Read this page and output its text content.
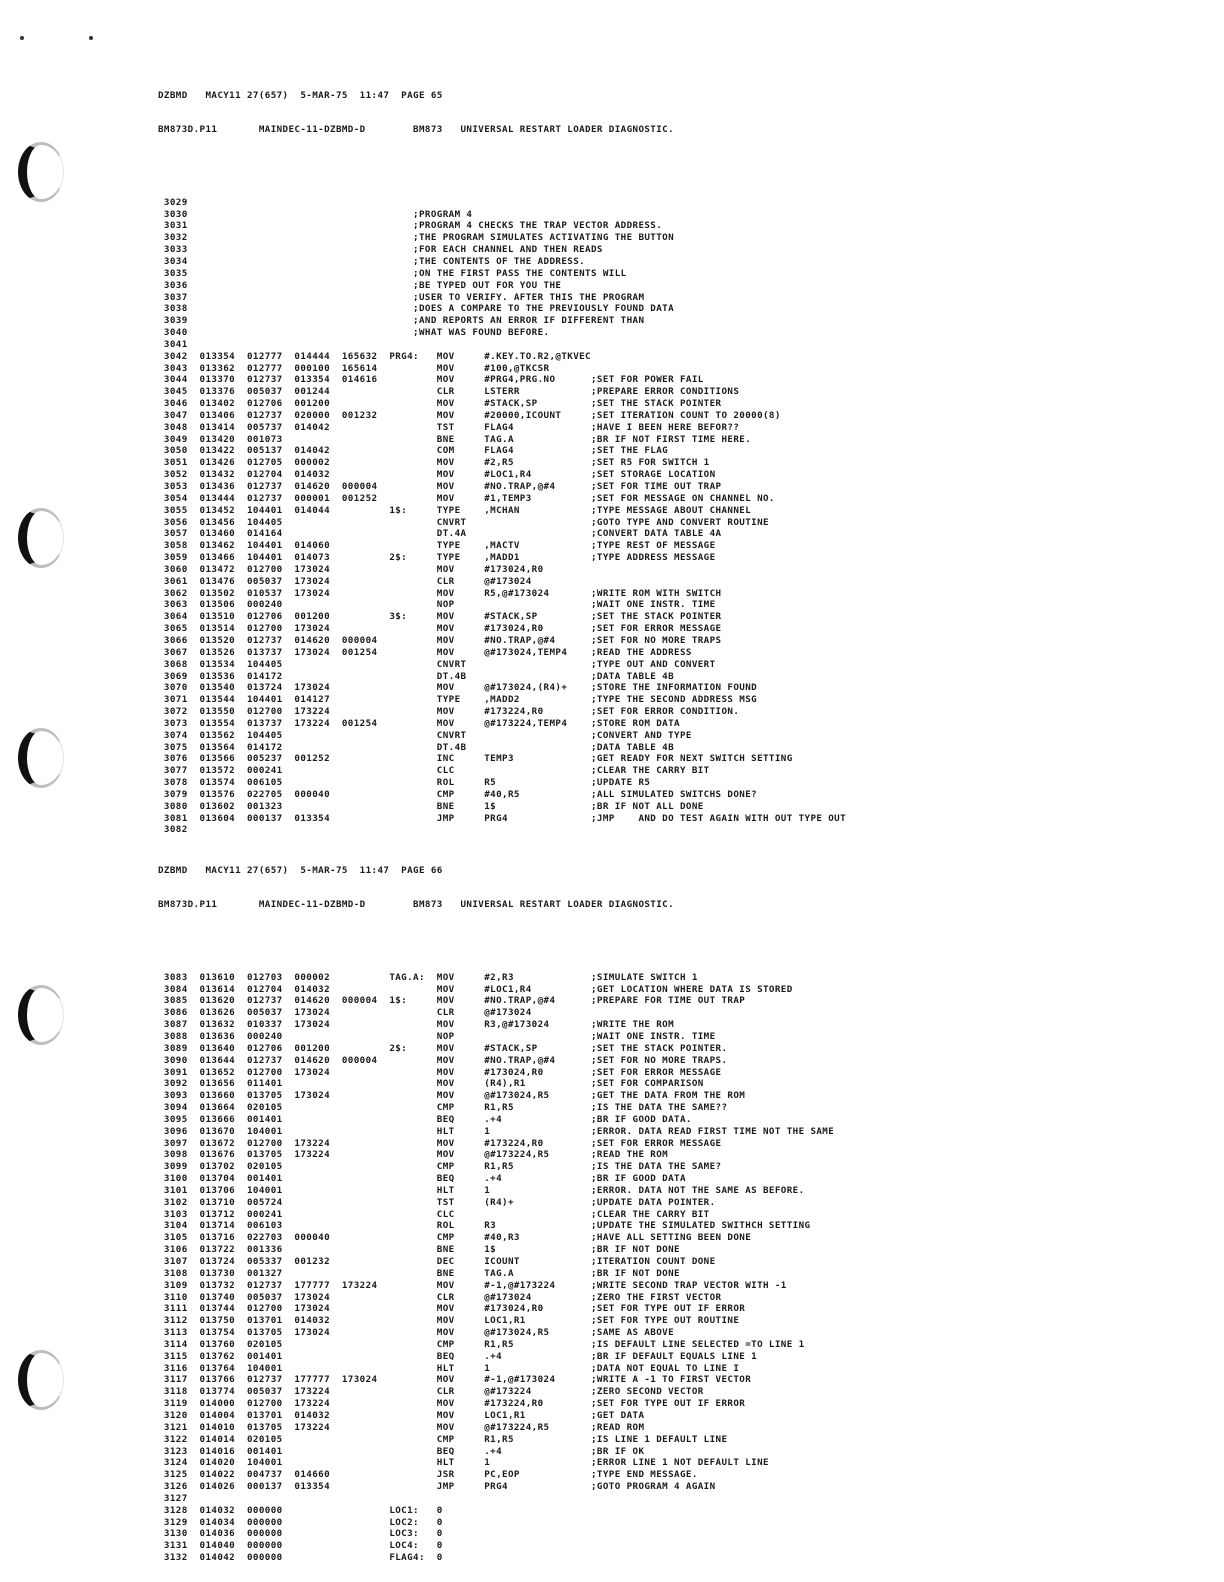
DZBMD   MACY11 27(657)  5-MAR-75  11:47  PAGE 65

BM873D.P11       MAINDEC-11-DZBMD-D        BM873   UNIVERSAL RESTART LOADER DIAGNOSTIC.

3029
3030                                      ;PROGRAM 4
3031                                      ;PROGRAM 4 CHECKS THE TRAP VECTOR ADDRESS.
3032                                      ;THE PROGRAM SIMULATES ACTIVATING THE BUTTON
3033                                      ;FOR EACH CHANNEL AND THEN READS
3034                                      ;THE CONTENTS OF THE ADDRESS.
3035                                      ;ON THE FIRST PASS THE CONTENTS WILL
3036                                      ;BE TYPED OUT FOR YOU THE
3037                                      ;USER TO VERIFY. AFTER THIS THE PROGRAM
3038                                      ;DOES A COMPARE TO THE PREVIOUSLY FOUND DATA
3039                                      ;AND REPORTS AN ERROR IF DIFFERENT THAN
3040                                      ;WHAT WAS FOUND BEFORE.
3041
3042  013354  012777  014444  165632  PRG4:   MOV     #.KEY.TO.R2,@TKVEC
3043  013362  012777  000100  165614          MOV     #100,@TKCSR
3044  013370  012737  013354  014616          MOV     #PRG4,PRG.NO      ;SET FOR POWER FAIL
3045  013376  005037  001244                  CLR     LSTERR            ;PREPARE ERROR CONDITIONS
3046  013402  012706  001200                  MOV     #STACK,SP         ;SET THE STACK POINTER
3047  013406  012737  020000  001232          MOV     #20000,ICOUNT     ;SET ITERATION COUNT TO 20000(8)
3048  013414  005737  014042                  TST     FLAG4             ;HAVE I BEEN HERE BEFOR??
3049  013420  001073                          BNE     TAG.A             ;BR IF NOT FIRST TIME HERE.
3050  013422  005137  014042                  COM     FLAG4             ;SET THE FLAG
3051  013426  012705  000002                  MOV     #2,R5             ;SET R5 FOR SWITCH 1
3052  013432  012704  014032                  MOV     #LOC1,R4          ;SET STORAGE LOCATION
3053  013436  012737  014620  000004          MOV     #NO.TRAP,@#4      ;SET FOR TIME OUT TRAP
3054  013444  012737  000001  001252          MOV     #1,TEMP3          ;SET FOR MESSAGE ON CHANNEL NO.
3055  013452  104401  014044          1$:     TYPE    ,MCHAN            ;TYPE MESSAGE ABOUT CHANNEL
3056  013456  104405                          CNVRT                     ;GOTO TYPE AND CONVERT ROUTINE
3057  013460  014164                          DT.4A                     ;CONVERT DATA TABLE 4A
3058  013462  104401  014060                  TYPE    ,MACTV            ;TYPE REST OF MESSAGE
3059  013466  104401  014073          2$:     TYPE    ,MADD1            ;TYPE ADDRESS MESSAGE
3060  013472  012700  173024                  MOV     #173024,R0
3061  013476  005037  173024                  CLR     @#173024
3062  013502  010537  173024                  MOV     R5,@#173024       ;WRITE ROM WITH SWITCH
3063  013506  000240                          NOP                       ;WAIT ONE INSTR. TIME
3064  013510  012706  001200          3$:     MOV     #STACK,SP         ;SET THE STACK POINTER
3065  013514  012700  173024                  MOV     #173024,R0        ;SET FOR ERROR MESSAGE
3066  013520  012737  014620  000004          MOV     #NO.TRAP,@#4      ;SET FOR NO MORE TRAPS
3067  013526  013737  173024  001254          MOV     @#173024,TEMP4    ;READ THE ADDRESS
3068  013534  104405                          CNVRT                     ;TYPE OUT AND CONVERT
3069  013536  014172                          DT.4B                     ;DATA TABLE 4B
3070  013540  013724  173024                  MOV     @#173024,(R4)+    ;STORE THE INFORMATION FOUND
3071  013544  104401  014127                  TYPE    ,MADD2            ;TYPE THE SECOND ADDRESS MSG
3072  013550  012700  173224                  MOV     #173224,R0        ;SET FOR ERROR CONDITION.
3073  013554  013737  173224  001254          MOV     @#173224,TEMP4    ;STORE ROM DATA
3074  013562  104405                          CNVRT                     ;CONVERT AND TYPE
3075  013564  014172                          DT.4B                     ;DATA TABLE 4B
3076  013566  005237  001252                  INC     TEMP3             ;GET READY FOR NEXT SWITCH SETTING
3077  013572  000241                          CLC                       ;CLEAR THE CARRY BIT
3078  013574  006105                          ROL     R5                ;UPDATE R5
3079  013576  022705  000040                  CMP     #40,R5            ;ALL SIMULATED SWITCHS DONE?
3080  013602  001323                          BNE     1$                ;BR IF NOT ALL DONE
3081  013604  000137  013354                  JMP     PRG4              ;JMP    AND DO TEST AGAIN WITH OUT TYPE OUT
3082

DZBMD   MACY11 27(657)  5-MAR-75  11:47  PAGE 66

BM873D.P11       MAINDEC-11-DZBMD-D        BM873   UNIVERSAL RESTART LOADER DIAGNOSTIC.

3083  013610  012703  000002          TAG.A:  MOV     #2,R3             ;SIMULATE SWITCH 1
3084  013614  012704  014032                  MOV     #LOC1,R4          ;GET LOCATION WHERE DATA IS STORED
3085  013620  012737  014620  000004  1$:     MOV     #NO.TRAP,@#4      ;PREPARE FOR TIME OUT TRAP
3086  013626  005037  173024                  CLR     @#173024
3087  013632  010337  173024                  MOV     R3,@#173024       ;WRITE THE ROM
3088  013636  000240                          NOP                       ;WAIT ONE INSTR. TIME
3089  013640  012706  001200          2$:     MOV     #STACK,SP         ;SET THE STACK POINTER.
3090  013644  012737  014620  000004          MOV     #NO.TRAP,@#4      ;SET FOR NO MORE TRAPS.
3091  013652  012700  173024                  MOV     #173024,R0        ;SET FOR ERROR MESSAGE
3092  013656  011401                          MOV     (R4),R1           ;SET FOR COMPARISON
3093  013660  013705  173024                  MOV     @#173024,R5       ;GET THE DATA FROM THE ROM
3094  013664  020105                          CMP     R1,R5             ;IS THE DATA THE SAME??
3095  013666  001401                          BEQ     .+4               ;BR IF GOOD DATA.
3096  013670  104001                          HLT     1                 ;ERROR. DATA READ FIRST TIME NOT THE SAME
3097  013672  012700  173224                  MOV     #173224,R0        ;SET FOR ERROR MESSAGE
3098  013676  013705  173224                  MOV     @#173224,R5       ;READ THE ROM
3099  013702  020105                          CMP     R1,R5             ;IS THE DATA THE SAME?
3100  013704  001401                          BEQ     .+4               ;BR IF GOOD DATA
3101  013706  104001                          HLT     1                 ;ERROR. DATA NOT THE SAME AS BEFORE.
3102  013710  005724                          TST     (R4)+             ;UPDATE DATA POINTER.
3103  013712  000241                          CLC                       ;CLEAR THE CARRY BIT
3104  013714  006103                          ROL     R3                ;UPDATE THE SIMULATED SWITHCH SETTING
3105  013716  022703  000040                  CMP     #40,R3            ;HAVE ALL SETTING BEEN DONE
3106  013722  001336                          BNE     1$                ;BR IF NOT DONE
3107  013724  005337  001232                  DEC     ICOUNT            ;ITERATION COUNT DONE
3108  013730  001327                          BNE     TAG.A             ;BR IF NOT DONE
3109  013732  012737  177777  173224          MOV     #-1,@#173224      ;WRITE SECOND TRAP VECTOR WITH -1
3110  013740  005037  173024                  CLR     @#173024          ;ZERO THE FIRST VECTOR
3111  013744  012700  173024                  MOV     #173024,R0        ;SET FOR TYPE OUT IF ERROR
3112  013750  013701  014032                  MOV     LOC1,R1           ;SET FOR TYPE OUT ROUTINE
3113  013754  013705  173024                  MOV     @#173024,R5       ;SAME AS ABOVE
3114  013760  020105                          CMP     R1,R5             ;IS DEFAULT LINE SELECTED =TO LINE 1
3115  013762  001401                          BEQ     .+4               ;BR IF DEFAULT EQUALS LINE 1
3116  013764  104001                          HLT     1                 ;DATA NOT EQUAL TO LINE I
3117  013766  012737  177777  173024          MOV     #-1,@#173024      ;WRITE A -1 TO FIRST VECTOR
3118  013774  005037  173224                  CLR     @#173224          ;ZERO SECOND VECTOR
3119  014000  012700  173224                  MOV     #173224,R0        ;SET FOR TYPE OUT IF ERROR
3120  014004  013701  014032                  MOV     LOC1,R1           ;GET DATA
3121  014010  013705  173224                  MOV     @#173224,R5       ;READ ROM
3122  014014  020105                          CMP     R1,R5             ;IS LINE 1 DEFAULT LINE
3123  014016  001401                          BEQ     .+4               ;BR IF OK
3124  014020  104001                          HLT     1                 ;ERROR LINE 1 NOT DEFAULT LINE
3125  014022  004737  014660                  JSR     PC,EOP            ;TYPE END MESSAGE.
3126  014026  000137  013354                  JMP     PRG4              ;GOTO PROGRAM 4 AGAIN
3127
3128  014032  000000                  LOC1:   0
3129  014034  000000                  LOC2:   0
3130  014036  000000                  LOC3:   0
3131  014040  000000                  LOC4:   0
3132  014042  000000                  FLAG4:  0
